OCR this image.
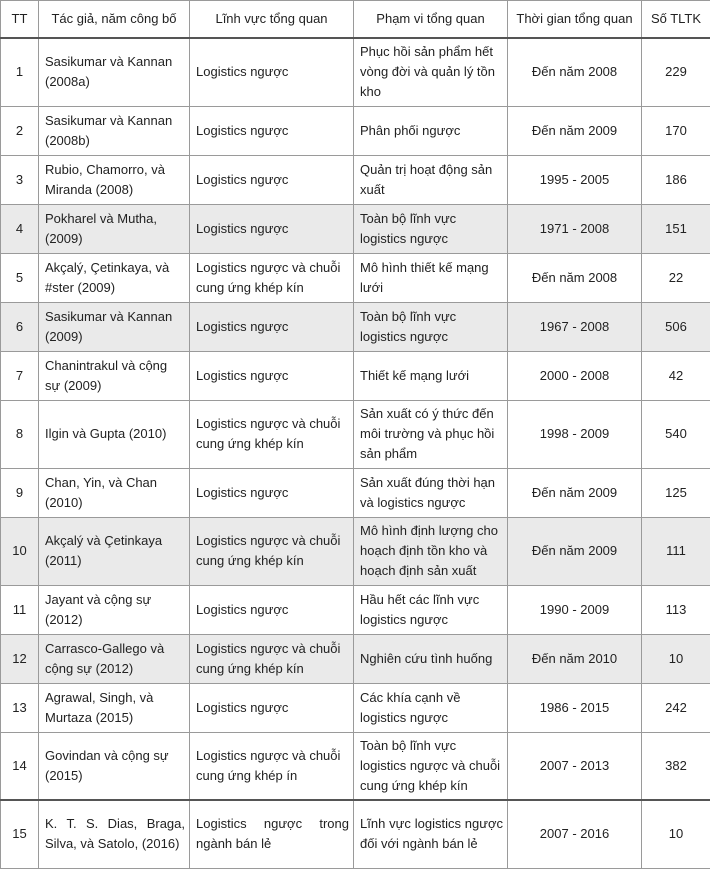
TT	Tác giả, năm công bố	Lĩnh vực tổng quan	Phạm vi tổng quan	Thời gian tổng quan	Số TLTK
1	Sasikumar và Kannan (2008a)	Logistics ngược	Phục hồi sản phẩm hết vòng đời và quản lý tồn kho	Đến năm 2008	229
2	Sasikumar và Kannan (2008b)	Logistics ngược	Phân phối ngược	Đến năm 2009	170
3	Rubio, Chamorro, và Miranda (2008)	Logistics ngược	Quản trị hoạt động sản xuất	1995 - 2005	186
4	Pokharel và Mutha, (2009)	Logistics ngược	Toàn bộ lĩnh vực logistics ngược	1971 - 2008	151
5	Akçalý, Çetinkaya, và #ster (2009)	Logistics ngược và chuỗi cung ứng khép kín	Mô hình thiết kế mạng lưới	Đến năm 2008	22
6	Sasikumar và Kannan (2009)	Logistics ngược	Toàn bộ lĩnh vực logistics ngược	1967 - 2008	506
7	Chanintrakul và cộng sự (2009)	Logistics ngược	Thiết kế mạng lưới	2000 - 2008	42
8	Ilgin và Gupta (2010)	Logistics ngược và chuỗi cung ứng khép kín	Sản xuất có ý thức đến môi trường và phục hồi sản phẩm	1998 - 2009	540
9	Chan, Yin, và Chan (2010)	Logistics ngược	Sản xuất đúng thời hạn và logistics ngược	Đến năm 2009	125
10	Akçalý và Çetinkaya (2011)	Logistics ngược và chuỗi cung ứng khép kín	Mô hình định lượng cho hoạch định tồn kho và hoạch định sản xuất	Đến năm 2009	111
11	Jayant và cộng sự (2012)	Logistics ngược	Hầu hết các lĩnh vực logistics ngược	1990 - 2009	113
12	Carrasco-Gallego và cộng sự (2012)	Logistics ngược và chuỗi cung ứng khép kín	Nghiên cứu tình huống	Đến năm 2010	10
13	Agrawal, Singh, và Murtaza (2015)	Logistics ngược	Các khía cạnh về logistics ngược	1986 - 2015	242
14	Govindan và cộng sự (2015)	Logistics ngược và chuỗi cung ứng khép ín	Toàn bộ lĩnh vực logistics ngược và chuỗi cung ứng khép kín	2007 - 2013	382
15	K. T. S. Dias, Braga, Silva, và Satolo, (2016)	Logistics ngược trong ngành bán lẻ	Lĩnh vực logistics ngược đối với ngành bán lẻ	2007 - 2016	10
